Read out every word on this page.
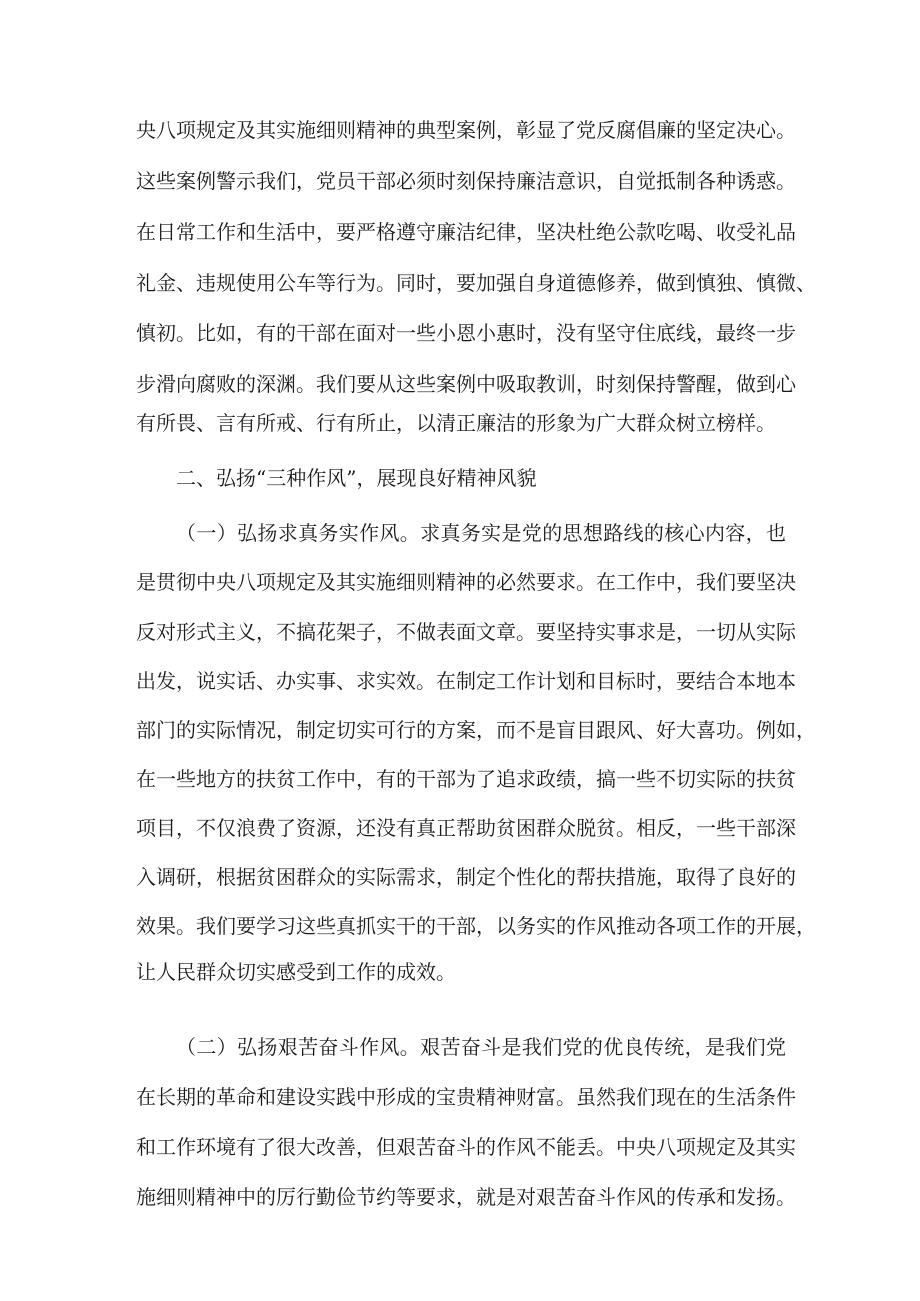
央八项规定及其实施细则精神的典型案例，彰显了党反腐倡廉的坚定决心。
这些案例警示我们，党员干部必须时刻保持廉洁意识，自觉抵制各种诱惑。
在日常工作和生活中，要严格遵守廉洁纪律，坚决杜绝公款吃喝、收受礼品
礼金、违规使用公车等行为。同时，要加强自身道德修养，做到慎独、慎微、
慎初。比如，有的干部在面对一些小恩小惠时，没有坚守住底线，最终一步
步滑向腐败的深渊。我们要从这些案例中吸取教训，时刻保持警醒，做到心
有所畏、言有所戒、行有所止，以清正廉洁的形象为广大群众树立榜样。
二、弘扬“三种作风”，展现良好精神风貌
（一）弘扬求真务实作风。求真务实是党的思想路线的核心内容，也
是贯彻中央八项规定及其实施细则精神的必然要求。在工作中，我们要坚决
反对形式主义，不搞花架子，不做表面文章。要坚持实事求是，一切从实际
出发，说实话、办实事、求实效。在制定工作计划和目标时，要结合本地本
部门的实际情况，制定切实可行的方案，而不是盲目跟风、好大喜功。例如，
在一些地方的扶贫工作中，有的干部为了追求政绩，搞一些不切实际的扶贫
项目，不仅浪费了资源，还没有真正帮助贫困群众脱贫。相反，一些干部深
入调研，根据贫困群众的实际需求，制定个性化的帮扶措施，取得了良好的
效果。我们要学习这些真抓实干的干部，以务实的作风推动各项工作的开展，
让人民群众切实感受到工作的成效。
（二）弘扬艰苦奋斗作风。艰苦奋斗是我们党的优良传统，是我们党
在长期的革命和建设实践中形成的宝贵精神财富。虽然我们现在的生活条件
和工作环境有了很大改善，但艰苦奋斗的作风不能丢。中央八项规定及其实
施细则精神中的厉行勤俭节约等要求，就是对艰苦奋斗作风的传承和发扬。
